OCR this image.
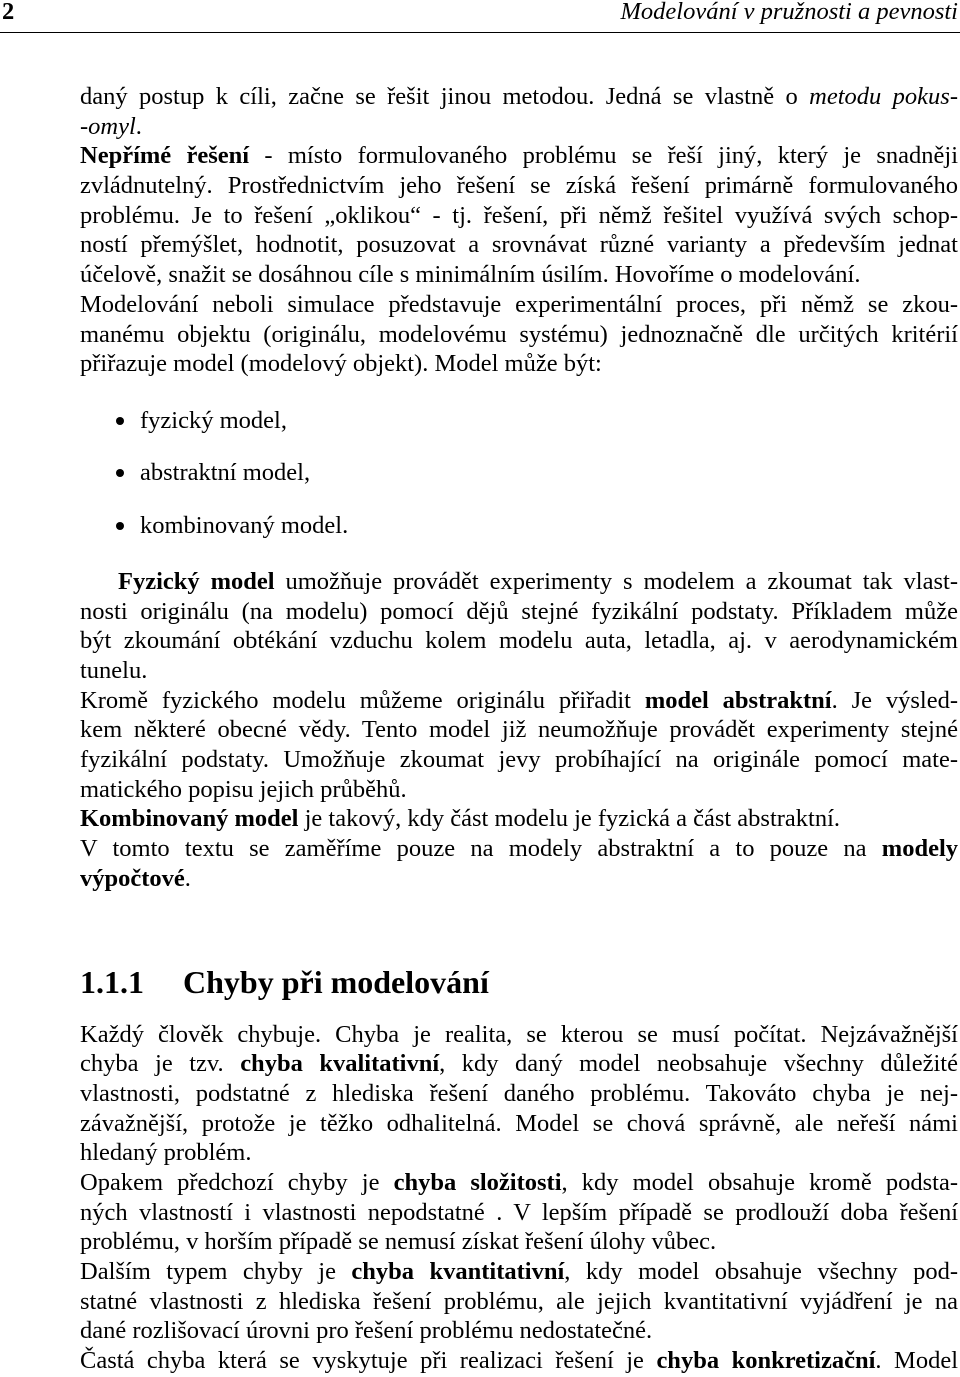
2	Modelování v pružnosti a pevnosti
daný postup k cíli, začne se řešit jinou metodou. Jedná se vlastně o metodu pokus-
-omyl.
Nepřímé řešení - místo formulovaného problému se řeší jiný, který je snadněji
zvládnutelný. Prostřednictvím jeho řešení se získá řešení primárně formulovaného
problému. Je to řešení „oklikou“ - tj. řešení, při němž řešitel využívá svých schop-
ností přemýšlet, hodnotit, posuzovat a srovnávat různé varianty a především jednat
účelově, snažit se dosáhnou cíle s minimálním úsilím. Hovoříme o modelování.
Modelování neboli simulace představuje experimentální proces, při němž se zkou-
manému objektu (originálu, modelovému systému) jednoznačně dle určitých kritérií
přiřazuje model (modelový objekt). Model může být:
fyzický model,
abstraktní model,
kombinovaný model.
Fyzický model umožňuje provádět experimenty s modelem a zkoumat tak vlast-
nosti originálu (na modelu) pomocí dějů stejné fyzikální podstaty. Příkladem může
být zkoumání obtékání vzduchu kolem modelu auta, letadla, aj. v aerodynamickém
tunelu.
Kromě fyzického modelu můžeme originálu přiřadit model abstraktní. Je výsled-
kem některé obecné vědy. Tento model již neumožňuje provádět experimenty stejné
fyzikální podstaty. Umožňuje zkoumat jevy probíhající na originále pomocí mate-
matického popisu jejich průběhů.
Kombinovaný model je takový, kdy část modelu je fyzická a část abstraktní.
V tomto textu se zaměříme pouze na modely abstraktní a to pouze na modely
výpočtové.
1.1.1 Chyby při modelování
Každý člověk chybuje. Chyba je realita, se kterou se musí počítat. Nejzávažnější
chyba je tzv. chyba kvalitativní, kdy daný model neobsahuje všechny důležité
vlastnosti, podstatné z hlediska řešení daného problému. Takováto chyba je nej-
závažnější, protože je těžko odhalitelná. Model se chová správně, ale neřeší námi
hledaný problém.
Opakem předchozí chyby je chyba složitosti, kdy model obsahuje kromě podsta-
ných vlastností i vlastnosti nepodstatné . V lepším případě se prodlouží doba řešení
problému, v horším případě se nemusí získat řešení úlohy vůbec.
Dalším typem chyby je chyba kvantitativní, kdy model obsahuje všechny pod-
statné vlastnosti z hlediska řešení problému, ale jejich kvantitativní vyjádření je na
dané rozlišovací úrovni pro řešení problému nedostatečné.
Častá chyba která se vyskytuje při realizaci řešení je chyba konkretizační. Model
